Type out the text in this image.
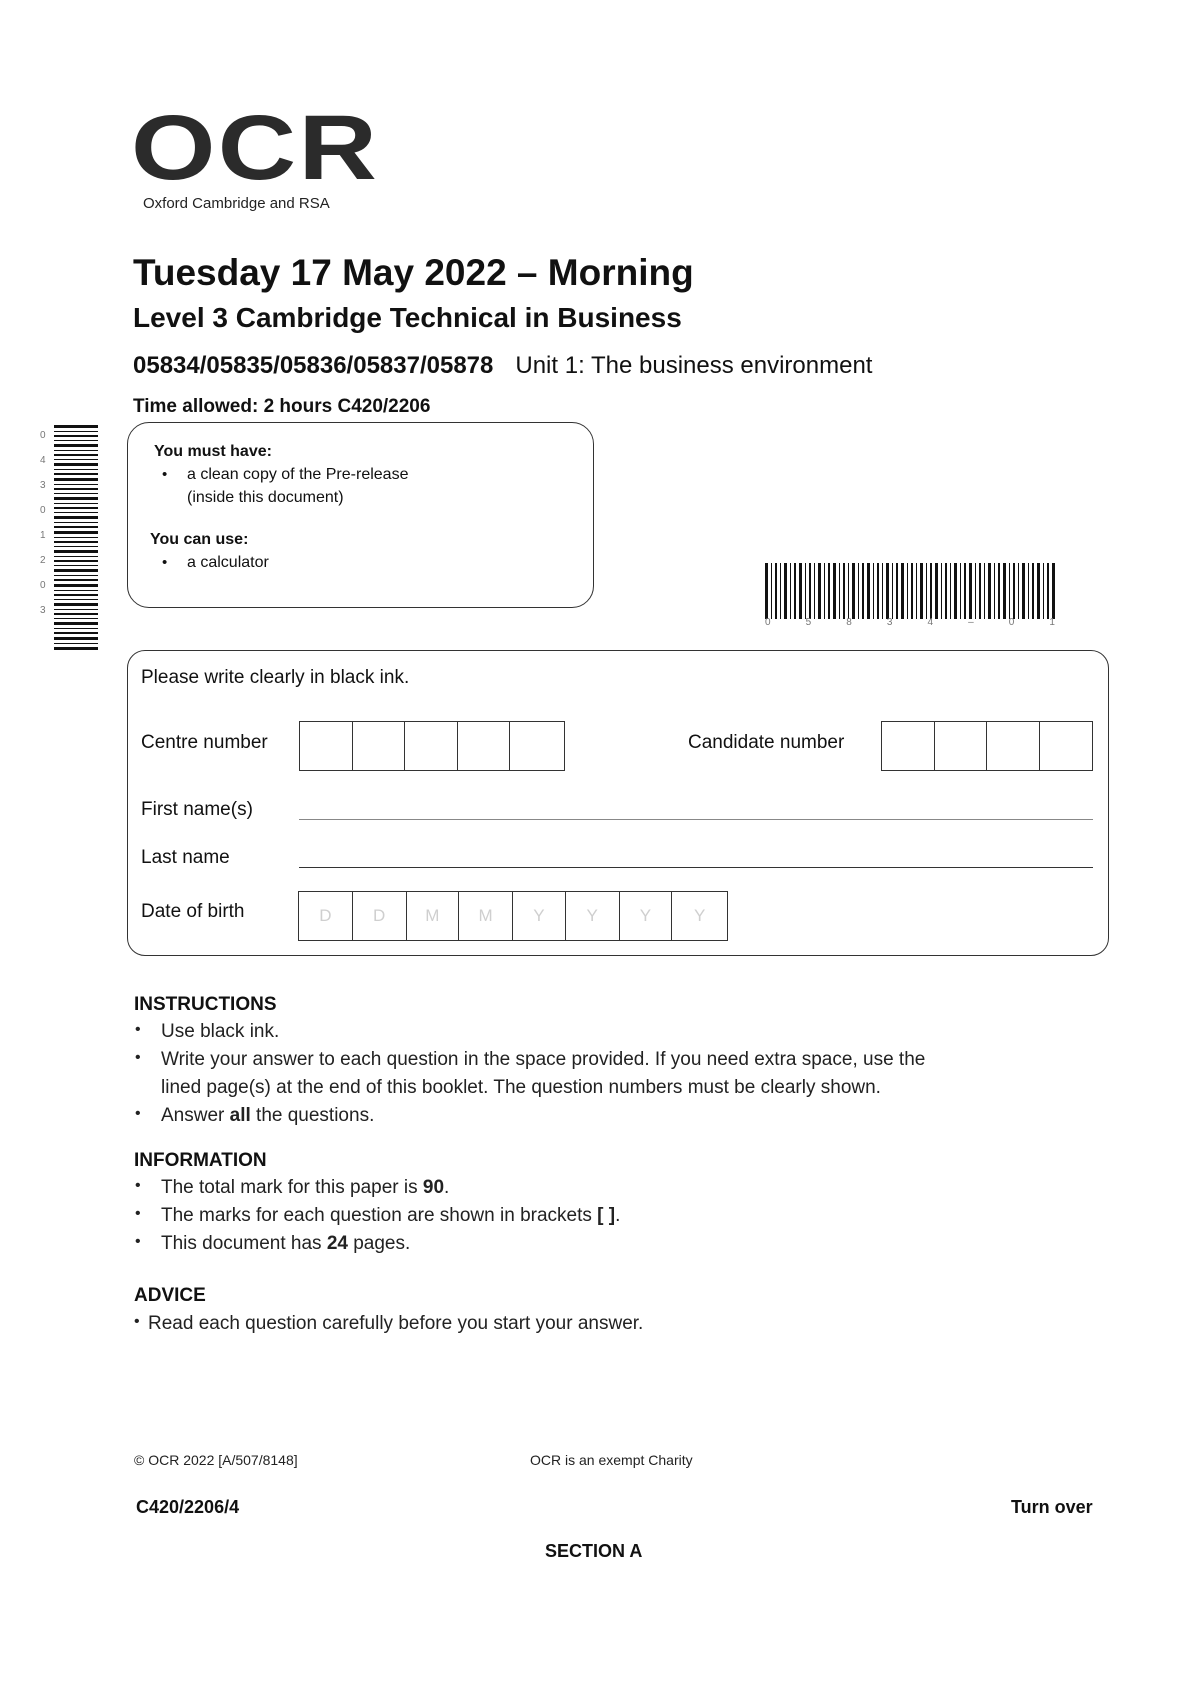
OCR
Oxford Cambridge and RSA
Tuesday 17 May 2022 – Morning
Level 3 Cambridge Technical in Business
05834/05835/05836/05837/05878 Unit 1: The business environment
Time allowed: 2 hours C420/2206
0
4
3
0
1
2
0
3
You must have:
• a clean copy of the Pre-release
(inside this document)
You can use:
• a calculator
0	5	8	3	4	–	0	1
Please write clearly in black ink.
Centre number	Candidate number
First name(s)
Last name
Date of birth	D	D	M	M	Y	Y	Y	Y
INSTRUCTIONS
• Use black ink.
• Write your answer to each question in the space provided. If you need extra space, use the
lined page(s) at the end of this booklet. The question numbers must be clearly shown.
• Answer all the questions.
INFORMATION
• The total mark for this paper is 90.
• The marks for each question are shown in brackets [ ].
• This document has 24 pages.
ADVICE
• Read each question carefully before you start your answer.
© OCR 2022 [A/507/8148]	OCR is an exempt Charity
C420/2206/4	Turn over
SECTION A
